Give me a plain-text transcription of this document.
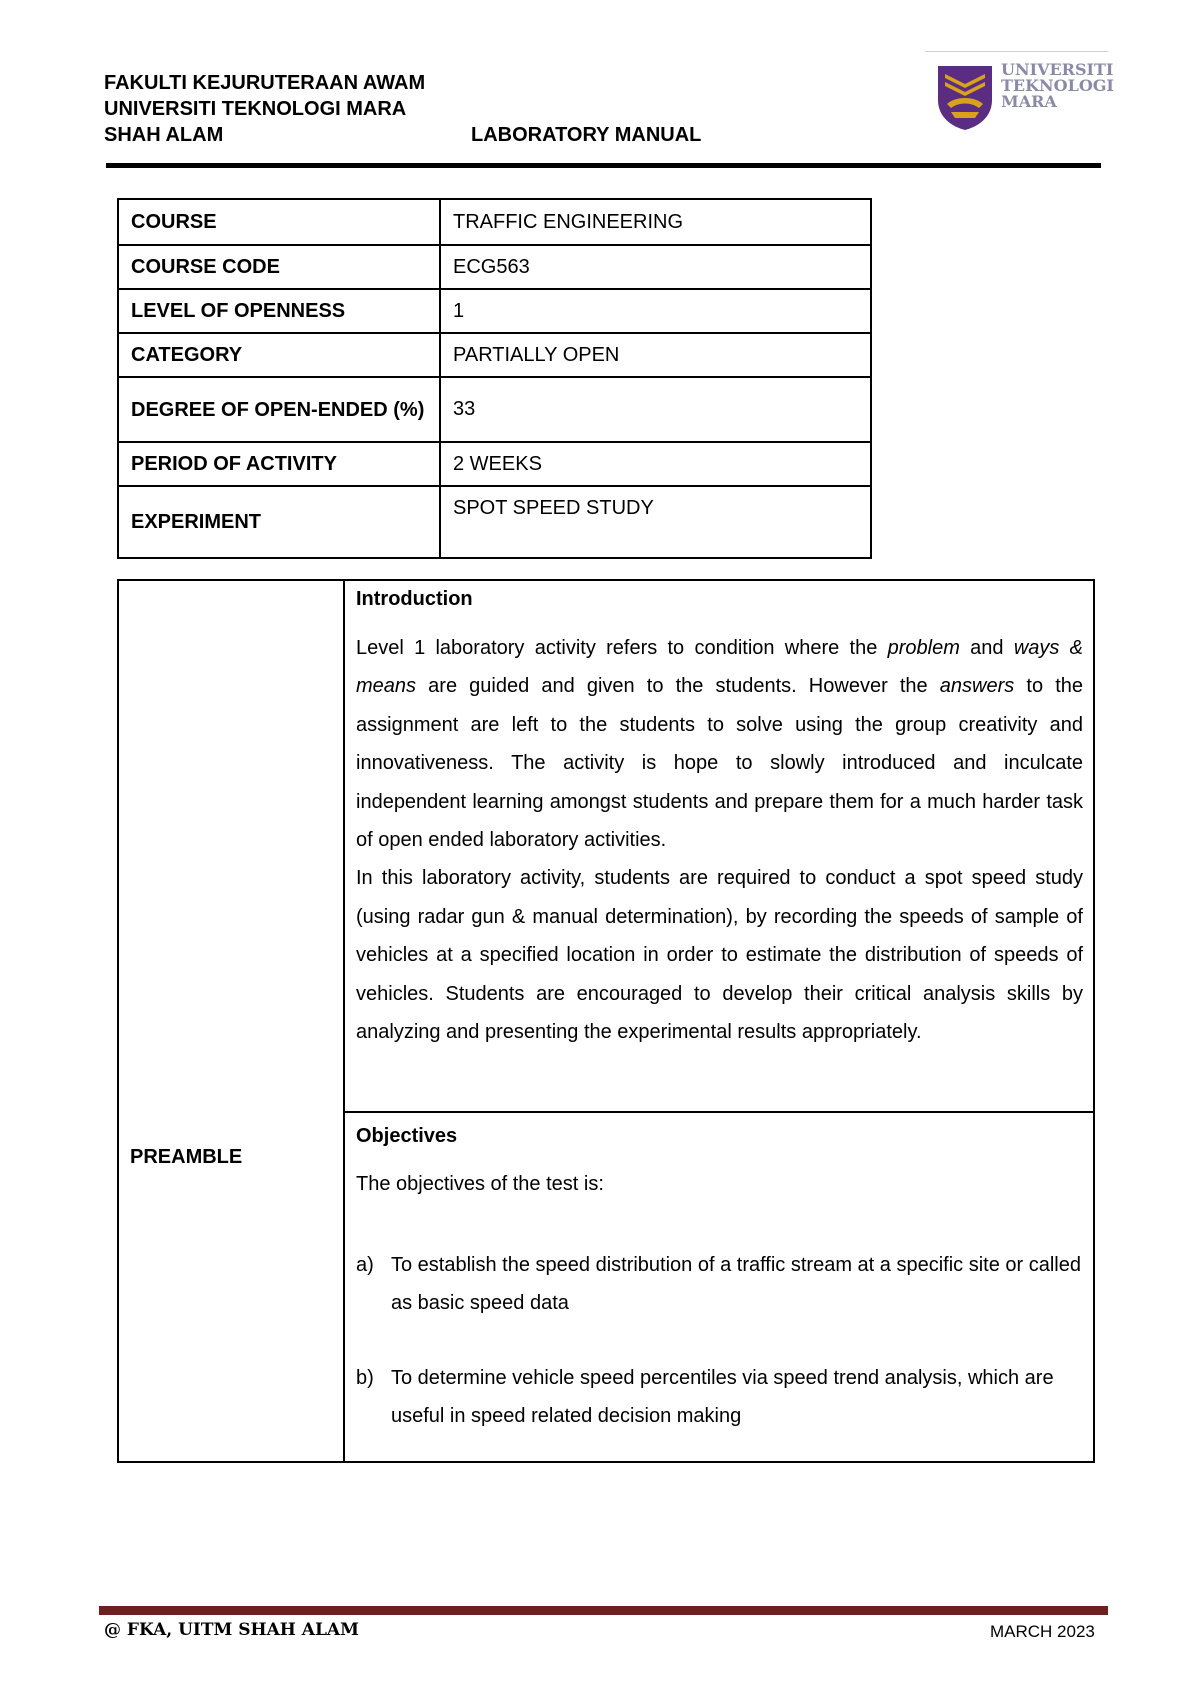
FAKULTI KEJURUTERAAN AWAM
UNIVERSITI TEKNOLOGI MARA
SHAH ALAM	LABORATORY MANUAL
UNIVERSITI
TEKNOLOGI
MARA
COURSE	TRAFFIC ENGINEERING
COURSE CODE	ECG563
LEVEL OF OPENNESS	1
CATEGORY	PARTIALLY OPEN
DEGREE OF OPEN-ENDED (%)	33
PERIOD OF ACTIVITY	2 WEEKS
EXPERIMENT	SPOT SPEED STUDY
PREAMBLE
Introduction

Level 1 laboratory activity refers to condition where the problem and ways & means are guided and given to the students. However the answers to the assignment are left to the students to solve using the group creativity and innovativeness. The activity is hope to slowly introduced and inculcate independent learning amongst students and prepare them for a much harder task of open ended laboratory activities.

In this laboratory activity, students are required to conduct a spot speed study (using radar gun & manual determination), by recording the speeds of sample of vehicles at a specified location in order to estimate the distribution of speeds of vehicles. Students are encouraged to develop their critical analysis skills by analyzing and presenting the experimental results appropriately.

Objectives
The objectives of the test is:
a) To establish the speed distribution of a traffic stream at a specific site or called as basic speed data
b) To determine vehicle speed percentiles via speed trend analysis, which are useful in speed related decision making
@ FKA, UITM SHAH ALAM	MARCH 2023
